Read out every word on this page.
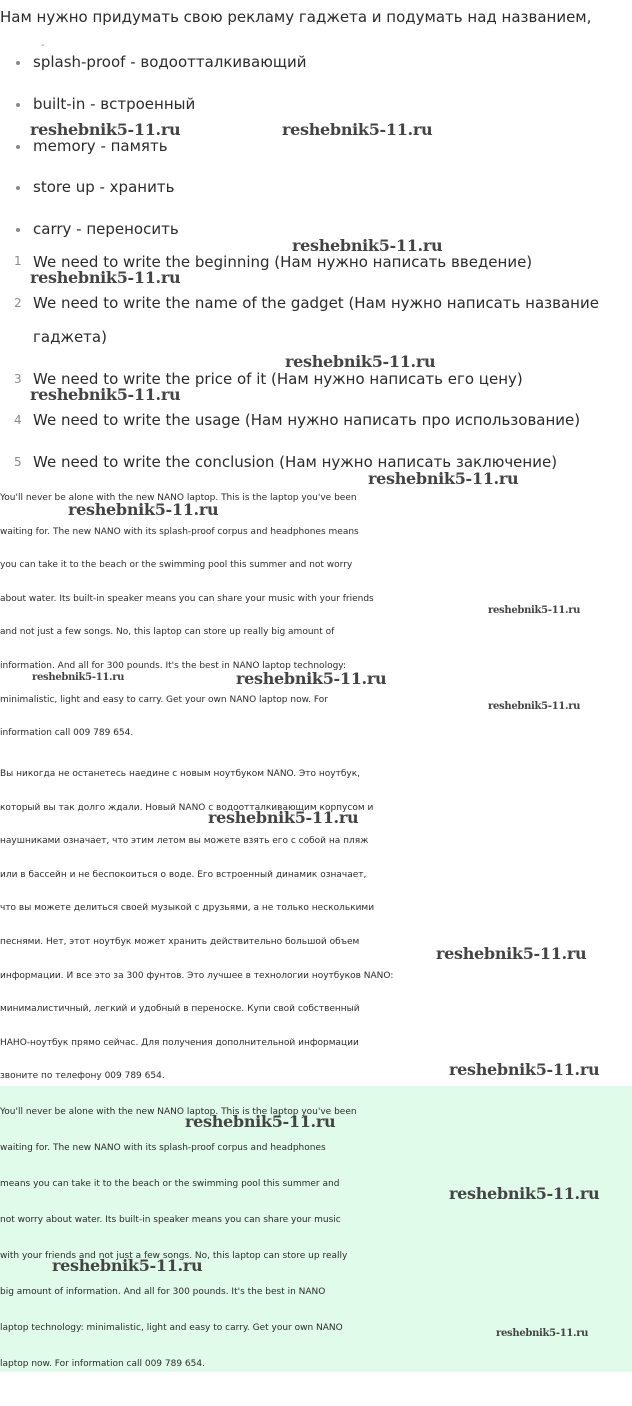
Нам нужно придумать свою рекламу гаджета и подумать над названием,

-
splash-proof - водоотталкивающий
built-in - встроенный
memory - память
store up - хранить
carry - переносить
1 We need to write the beginning (Нам нужно написать введение)

2 We need to write the name of the gadget (Нам нужно написать название
гаджета)

3 We need to write the price of it (Нам нужно написать его цену)

4 We need to write the usage (Нам нужно написать про использование)

5 We need to write the conclusion (Нам нужно написать заключение)

You'll never be alone with the new NANO laptop. This is the laptop you've been
waiting for. The new NANO with its splash-proof corpus and headphones means
you can take it to the beach or the swimming pool this summer and not worry
about water. Its built-in speaker means you can share your music with your friends
and not just a few songs. No, this laptop can store up really big amount of
information. And all for 300 pounds. It's the best in NANO laptop technology:
minimalistic, light and easy to carry. Get your own NANO laptop now. For
information call 009 789 654.

Вы никогда не останетесь наедине с новым ноутбуком NANO. Это ноутбук,
который вы так долго ждали. Новый NANO с водоотталкивающим корпусом и
наушниками означает, что этим летом вы можете взять его с собой на пляж
или в бассейн и не беспокоиться о воде. Его встроенный динамик означает,
что вы можете делиться своей музыкой с друзьями, а не только несколькими
песнями. Нет, этот ноутбук может хранить действительно большой объем
информации. И все это за 300 фунтов. Это лучшее в технологии ноутбуков NANO:
минималистичный, легкий и удобный в переноске. Купи свой собственный
НАНО-ноутбук прямо сейчас. Для получения дополнительной информации
звоните по телефону 009 789 654.

You'll never be alone with the new NANO laptop. This is the laptop you've been
waiting for. The new NANO with its splash-proof corpus and headphones
means you can take it to the beach or the swimming pool this summer and
not worry about water. Its built-in speaker means you can share your music
with your friends and not just a few songs. No, this laptop can store up really
big amount of information. And all for 300 pounds. It's the best in NANO
laptop technology: minimalistic, light and easy to carry. Get your own NANO
laptop now. For information call 009 789 654.

reshebnik5-11.ru	reshebnik5-11.ru
reshebnik5-11.ru
reshebnik5-11.ru
reshebnik5-11.ru
reshebnik5-11.ru
reshebnik5-11.ru
reshebnik5-11.ru
reshebnik5-11.ru
reshebnik5-11.ru	reshebnik5-11.ru
reshebnik5-11.ru
reshebnik5-11.ru
reshebnik5-11.ru
reshebnik5-11.ru
reshebnik5-11.ru
reshebnik5-11.ru
reshebnik5-11.ru
reshebnik5-11.ru
